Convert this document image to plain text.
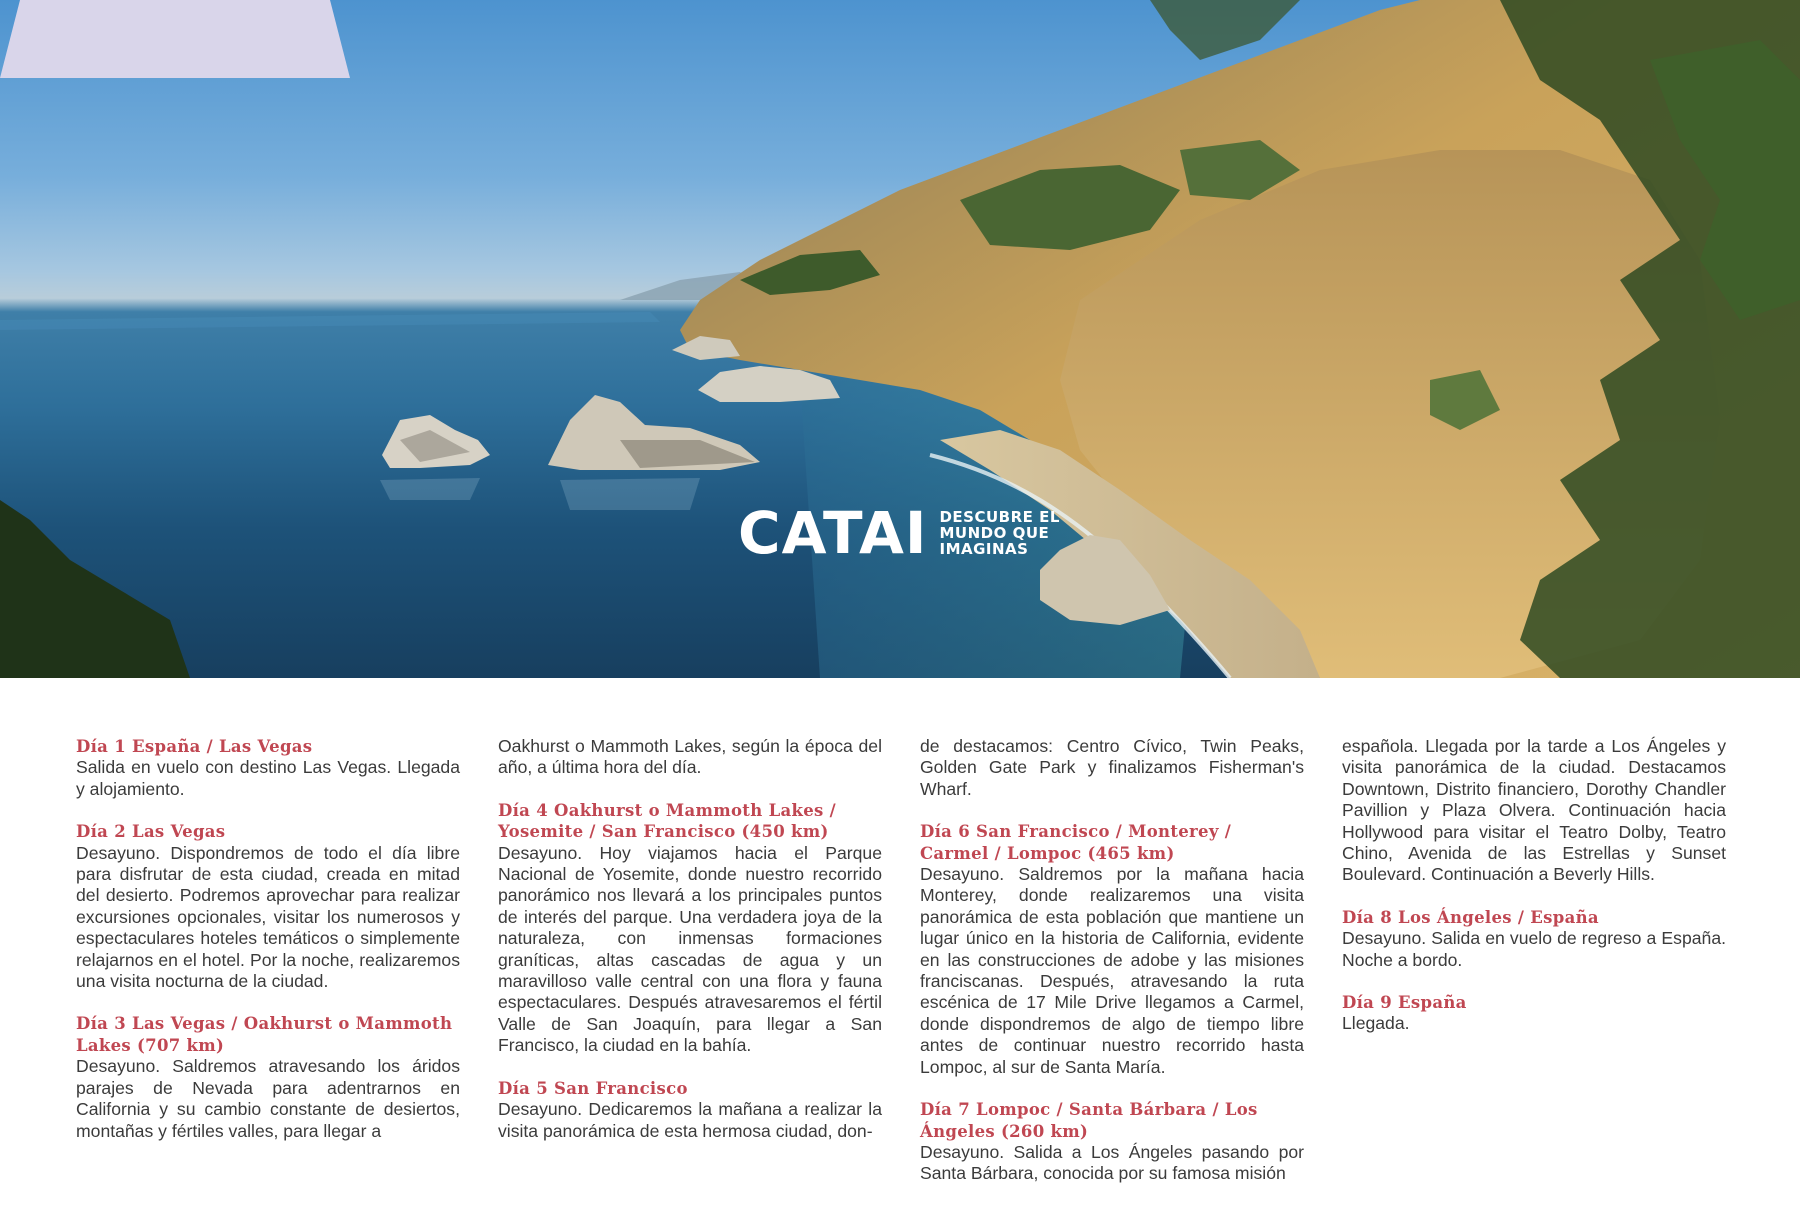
CATAI DESCUBRE EL
MUNDO QUE
IMAGINAS
Día 1 España / Las Vegas
Salida en vuelo con destino Las Vegas. Llegada y alojamiento.
Día 2 Las Vegas
Desayuno. Dispondremos de todo el día libre para disfrutar de esta ciudad, creada en mitad del desierto. Podremos aprovechar para realizar excursiones opcionales, visitar los numerosos y espectaculares hoteles temáticos o simplemente relajarnos en el hotel. Por la noche, realizaremos una visita nocturna de la ciudad.
Día 3 Las Vegas / Oakhurst o Mammoth Lakes (707 km)
Desayuno. Saldremos atravesando los áridos parajes de Nevada para adentrarnos en California y su cambio constante de desiertos, montañas y fértiles valles, para llegar a
Oakhurst o Mammoth Lakes, según la época del año, a última hora del día.
Día 4 Oakhurst o Mammoth Lakes / Yosemite / San Francisco (450 km)
Desayuno. Hoy viajamos hacia el Parque Nacional de Yosemite, donde nuestro recorrido panorámico nos llevará a los principales puntos de interés del parque. Una verdadera joya de la naturaleza, con inmensas formaciones graníticas, altas cascadas de agua y un maravilloso valle central con una flora y fauna espectaculares. Después atravesaremos el fértil Valle de San Joaquín, para llegar a San Francisco, la ciudad en la bahía.
Día 5 San Francisco
Desayuno. Dedicaremos la mañana a realizar la visita panorámica de esta hermosa ciudad, don-
de destacamos: Centro Cívico, Twin Peaks, Golden Gate Park y finalizamos Fisherman's Wharf.
Día 6 San Francisco / Monterey / Carmel / Lompoc (465 km)
Desayuno. Saldremos por la mañana hacia Monterey, donde realizaremos una visita panorámica de esta población que mantiene un lugar único en la historia de California, evidente en las construcciones de adobe y las misiones franciscanas. Después, atravesando la ruta escénica de 17 Mile Drive llegamos a Carmel, donde dispondremos de algo de tiempo libre antes de continuar nuestro recorrido hasta Lompoc, al sur de Santa María.
Día 7 Lompoc / Santa Bárbara / Los Ángeles (260 km)
Desayuno. Salida a Los Ángeles pasando por Santa Bárbara, conocida por su famosa misión
española. Llegada por la tarde a Los Ángeles y visita panorámica de la ciudad. Destacamos Downtown, Distrito financiero, Dorothy Chandler Pavillion y Plaza Olvera. Continuación hacia Hollywood para visitar el Teatro Dolby, Teatro Chino, Avenida de las Estrellas y Sunset Boulevard. Continuación a Beverly Hills.
Día 8 Los Ángeles / España
Desayuno. Salida en vuelo de regreso a España. Noche a bordo.
Día 9 España
Llegada.
